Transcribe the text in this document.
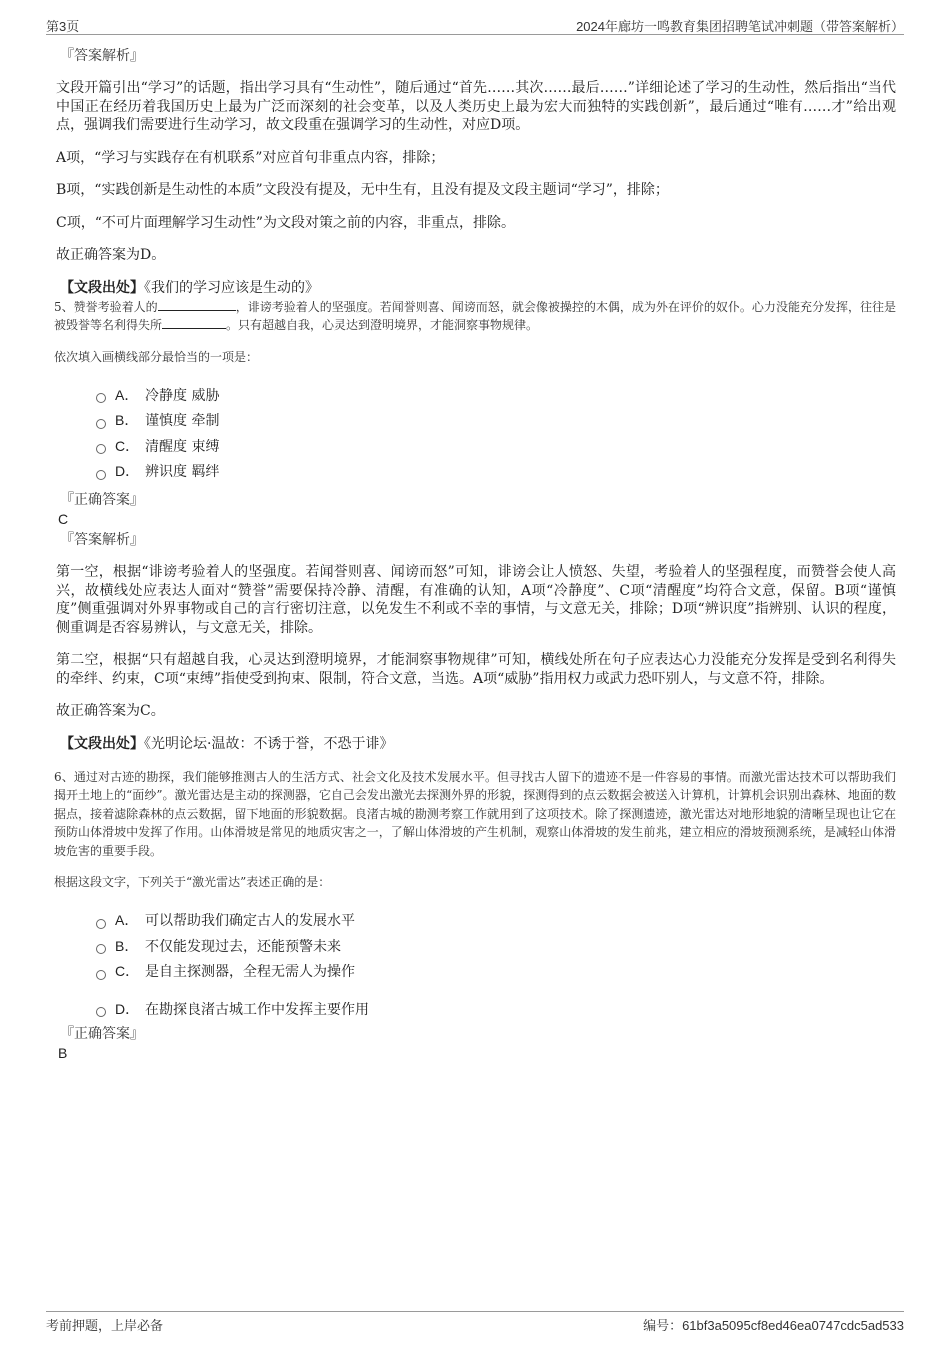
第3页	2024年廊坊一鸣教育集团招聘笔试冲刺题（带答案解析）
『答案解析』
文段开篇引出“学习”的话题，指出学习具有“生动性”，随后通过“首先……其次……最后……”详细论述了学习的生动性，然后指出“当代中国正在经历着我国历史上最为广泛而深刻的社会变革，以及人类历史上最为宏大而独特的实践创新”，最后通过“唯有……才”给出观点，强调我们需要进行生动学习，故文段重在强调学习的生动性，对应D项。
A项，“学习与实践存在有机联系”对应首句非重点内容，排除；
B项，“实践创新是生动性的本质”文段没有提及，无中生有，且没有提及文段主题词“学习”，排除；
C项，“不可片面理解学习生动性”为文段对策之前的内容，非重点，排除。
故正确答案为D。
【文段出处】《我们的学习应该是生动的》
5、赞誉考验着人的	，诽谤考验着人的坚强度。若闻誉则喜、闻谤而怒，就会像被操控的木偶，成为外在评价的奴仆。心力没能充分发挥，往往是被毁誉等名利得失所	。只有超越自我，心灵达到澄明境界，才能洞察事物规律。
依次填入画横线部分最恰当的一项是：
A． 冷静度 威胁
B． 谨慎度 牵制
C． 清醒度 束缚
D． 辨识度 羁绊
『正确答案』
C
『答案解析』
第一空，根据“诽谤考验着人的坚强度。若闻誉则喜、闻谤而怒”可知，诽谤会让人愤怒、失望，考验着人的坚强程度，而赞誉会使人高兴，故横线处应表达人面对“赞誉”需要保持冷静、清醒，有准确的认知，A项“冷静度”、C项“清醒度”均符合文意，保留。B项“谨慎度”侧重强调对外界事物或自己的言行密切注意，以免发生不利或不幸的事情，与文意无关，排除；D项“辨识度”指辨别、认识的程度，侧重调是否容易辨认，与文意无关，排除。
第二空，根据“只有超越自我，心灵达到澄明境界，才能洞察事物规律”可知，横线处所在句子应表达心力没能充分发挥是受到名利得失的牵绊、约束，C项“束缚”指使受到拘束、限制，符合文意，当选。A项“威胁”指用权力或武力恐吓别人，与文意不符，排除。
故正确答案为C。
【文段出处】《光明论坛·温故：不诱于誉，不恐于诽》
6、通过对古迹的勘探，我们能够推测古人的生活方式、社会文化及技术发展水平。但寻找古人留下的遗迹不是一件容易的事情。而激光雷达技术可以帮助我们揭开土地上的“面纱”。激光雷达是主动的探测器，它自己会发出激光去探测外界的形貌，探测得到的点云数据会被送入计算机，计算机会识别出森林、地面的数据点，接着滤除森林的点云数据，留下地面的形貌数据。良渚古城的勘测考察工作就用到了这项技术。除了探测遗迹，激光雷达对地形地貌的清晰呈现也让它在预防山体滑坡中发挥了作用。山体滑坡是常见的地质灾害之一，了解山体滑坡的产生机制，观察山体滑坡的发生前兆，建立相应的滑坡预测系统，是减轻山体滑坡危害的重要手段。
根据这段文字，下列关于“激光雷达”表述正确的是：
A． 可以帮助我们确定古人的发展水平
B． 不仅能发现过去，还能预警未来
C． 是自主探测器，全程无需人为操作
D． 在勘探良渚古城工作中发挥主要作用
『正确答案』
B
考前押题，上岸必备	编号：61bf3a5095cf8ed46ea0747cdc5ad533
